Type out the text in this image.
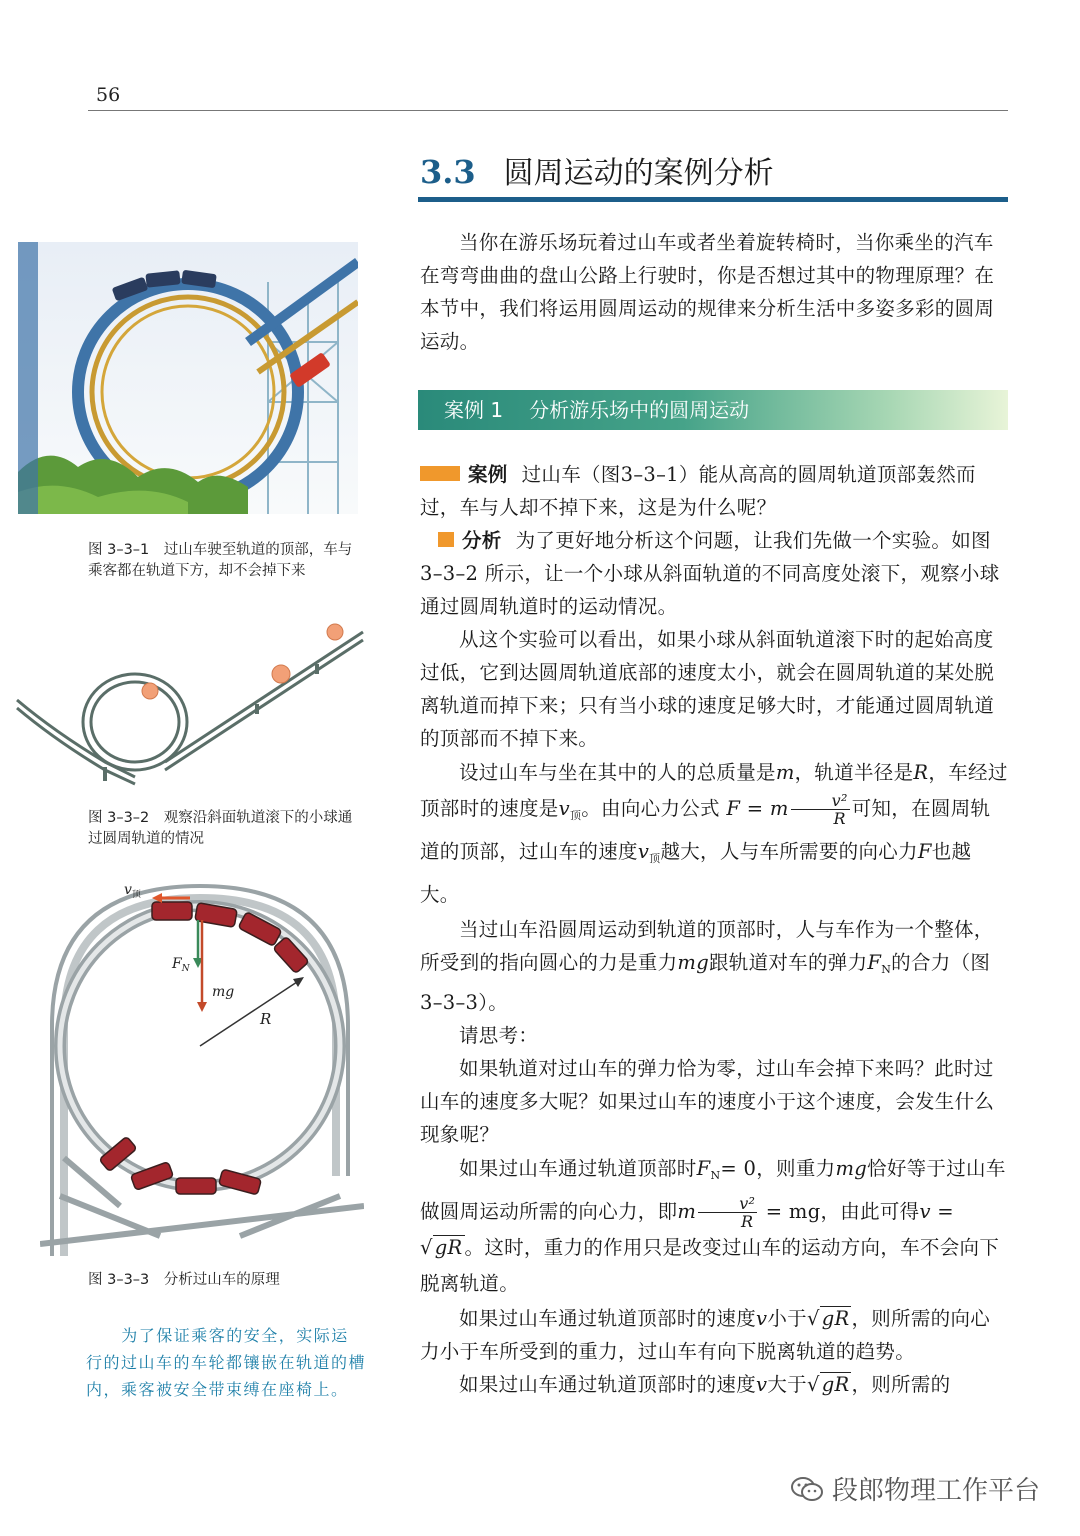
56
3.3 圆周运动的案例分析

当你在游乐场玩着过山车或者坐着旋转椅时，当你乘坐的汽车在弯弯曲曲的盘山公路上行驶时，你是否想过其中的物理原理？在本节中，我们将运用圆周运动的规律来分析生活中多姿多彩的圆周运动。

案例 1 分析游乐场中的圆周运动

案例 过山车（图3–3–1）能从高高的圆周轨道顶部轰然而过，车与人却不掉下来，这是为什么呢？

分析 为了更好地分析这个问题，让我们先做一个实验。如图 3–3–2 所示，让一个小球从斜面轨道的不同高度处滚下，观察小球通过圆周轨道时的运动情况。

从这个实验可以看出，如果小球从斜面轨道滚下时的起始高度过低，它到达圆周轨道底部的速度太小，就会在圆周轨道的某处脱离轨道而掉下来；只有当小球的速度足够大时，才能通过圆周轨道的顶部而不掉下来。

设过山车与坐在其中的人的总质量是m，轨道半径是R，车经过顶部时的速度是$v_顶$。由向心力公式 F = m $\frac{\text{v²}}{R}$ 可知，在圆周轨道的顶部，过山车的速度$v_顶$越大，人与车所需要的向心力F也越大。

当过山车沿圆周运动到轨道的顶部时，人与车作为一个整体，所受到的指向圆心的力是重力mg跟轨道对车的弹力$F_N$的合力（图 3–3–3）。

请思考：

如果轨道对过山车的弹力恰为零，过山车会掉下来吗？此时过山车的速度多大呢？如果过山车的速度小于这个速度，会发生什么现象呢？

如果过山车通过轨道顶部时$F_N= 0$，则重力mg恰好等于过山车做圆周运动所需的向心力，即m $\frac{\text{v²}}{R}$ = mg，由此可得v = √ gR 。这时，重力的作用只是改变过山车的运动方向，车不会向下脱离轨道。

如果过山车通过轨道顶部时的速度v小于√ gR ，则所需的向心力小于车所受到的重力，过山车有向下脱离轨道的趋势。

如果过山车通过轨道顶部时的速度v大于√ gR ，则所需的

图 3–3–1　过山车驶至轨道的顶部，车与乘客都在轨道下方，却不会掉下来
图 3–3–2　观察沿斜面轨道滚下的小球通过圆周轨道的情况
$v_顶$
$F_N$
mg
R
图 3–3–3　分析过山车的原理
为了保证乘客的安全，实际运行的过山车的车轮都镶嵌在轨道的槽内，乘客被安全带束缚在座椅上。
段郎物理工作平台
